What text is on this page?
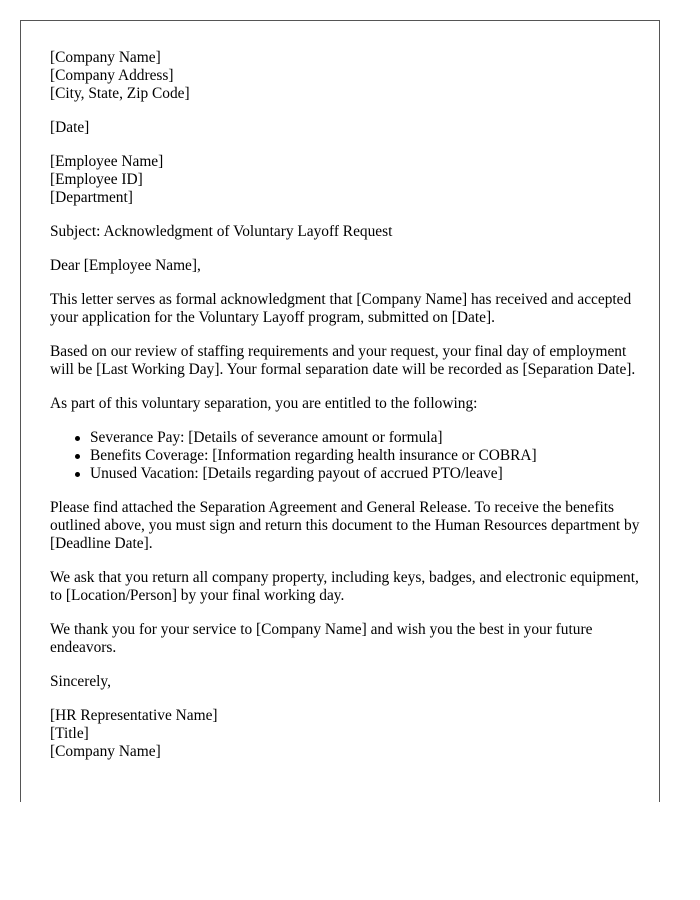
[Company Name]
[Company Address]
[City, State, Zip Code]
[Date]
[Employee Name]
[Employee ID]
[Department]

Subject: Acknowledgment of Voluntary Layoff Request

Dear [Employee Name],

This letter serves as formal acknowledgment that [Company Name] has received and accepted your application for the Voluntary Layoff program, submitted on [Date].

Based on our review of staffing requirements and your request, your final day of employment will be [Last Working Day]. Your formal separation date will be recorded as [Separation Date].

As part of this voluntary separation, you are entitled to the following:

Severance Pay: [Details of severance amount or formula]
Benefits Coverage: [Information regarding health insurance or COBRA]
Unused Vacation: [Details regarding payout of accrued PTO/leave]

Please find attached the Separation Agreement and General Release. To receive the benefits outlined above, you must sign and return this document to the Human Resources department by [Deadline Date].

We ask that you return all company property, including keys, badges, and electronic equipment, to [Location/Person] by your final working day.

We thank you for your service to [Company Name] and wish you the best in your future endeavors.

Sincerely,

[HR Representative Name]
[Title]
[Company Name]
